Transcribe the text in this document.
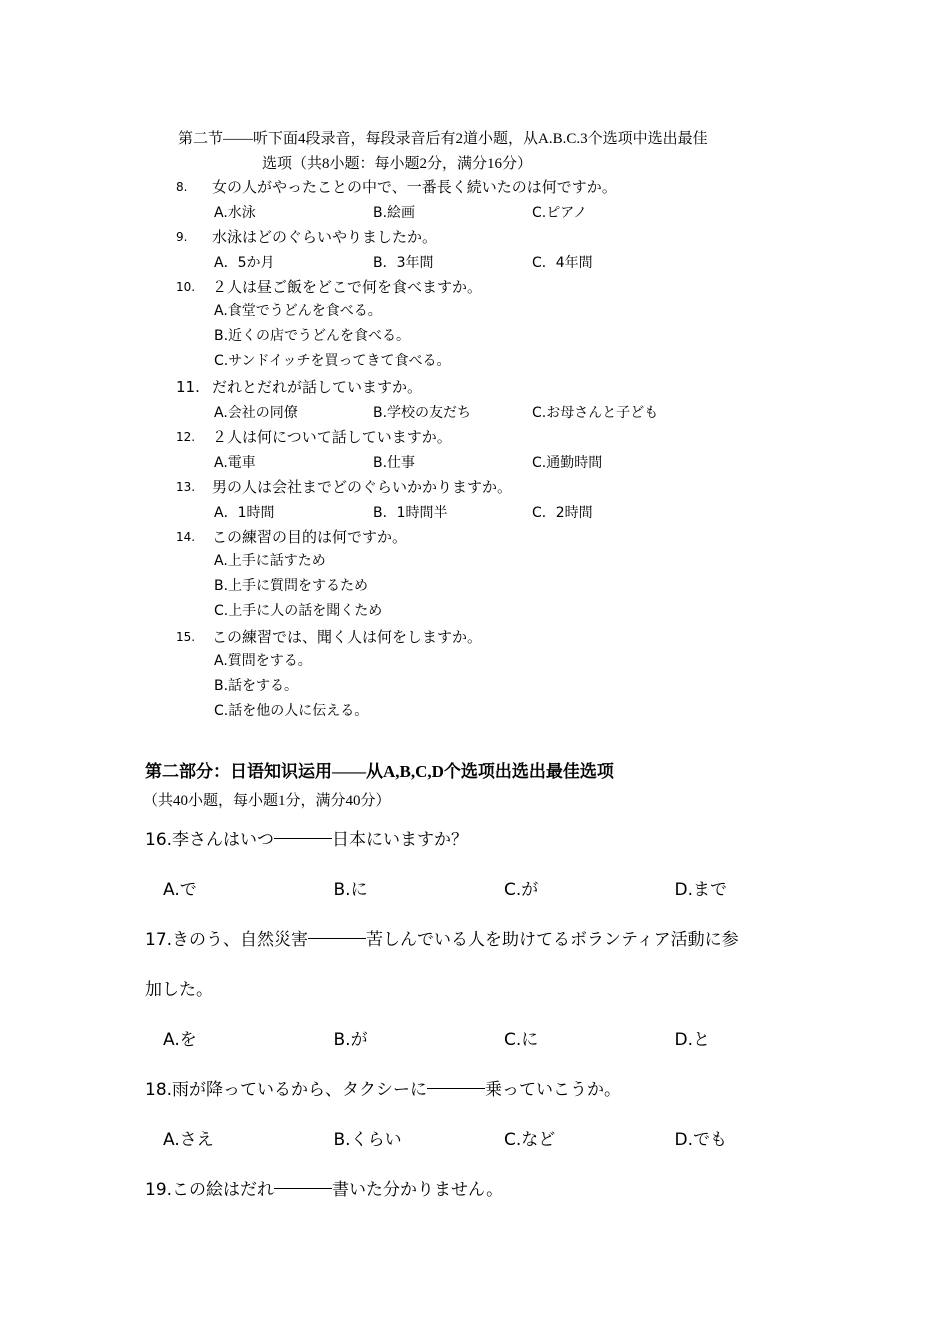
第二节——听下面4段录音，每段录音后有2道小题，从A.B.C.3个选项中选出最佳
选项（共8小题：每小题2分，满分16分）
8.	女の人がやったことの中で、一番長く続いたのは何ですか。
A.水泳	B.絵画	C.ピアノ
9.	水泳はどのぐらいやりましたか。
A．5か月	B．3年間	C．4年間
10.	２人は昼ご飯をどこで何を食べますか。
A.食堂でうどんを食べる。
B.近くの店でうどんを食べる。
C.サンドイッチを買ってきて食べる。
11. だれとだれが話していますか。
A.会社の同僚	B.学校の友だち	C.お母さんと子ども
12.	２人は何について話していますか。
A.電車	B.仕事	C.通勤時間
13.	男の人は会社までどのぐらいかかりますか。
A．1時間	B．1時間半	C．2時間
14.	この練習の目的は何ですか。
A.上手に話すため
B.上手に質問をするため
C.上手に人の話を聞くため
15.	この練習では、聞く人は何をしますか。
A.質問をする。
B.話をする。
C.話を他の人に伝える。
第二部分：日语知识运用——从A,B,C,D个选项出选出最佳选项
（共40小题，每小题1分，满分40分）
16.李さんはいつ	日本にいますか？
A.で	B.に	C.が	D.まで
17.きのう、自然災害	苦しんでいる人を助けてるボランティア活動に参
加した。
A.を	B.が	C.に	D.と
18.雨が降っているから、タクシーに	乗っていこうか。
A.さえ	B.くらい	C.など	D.でも
19.この絵はだれ	書いた分かりません。
